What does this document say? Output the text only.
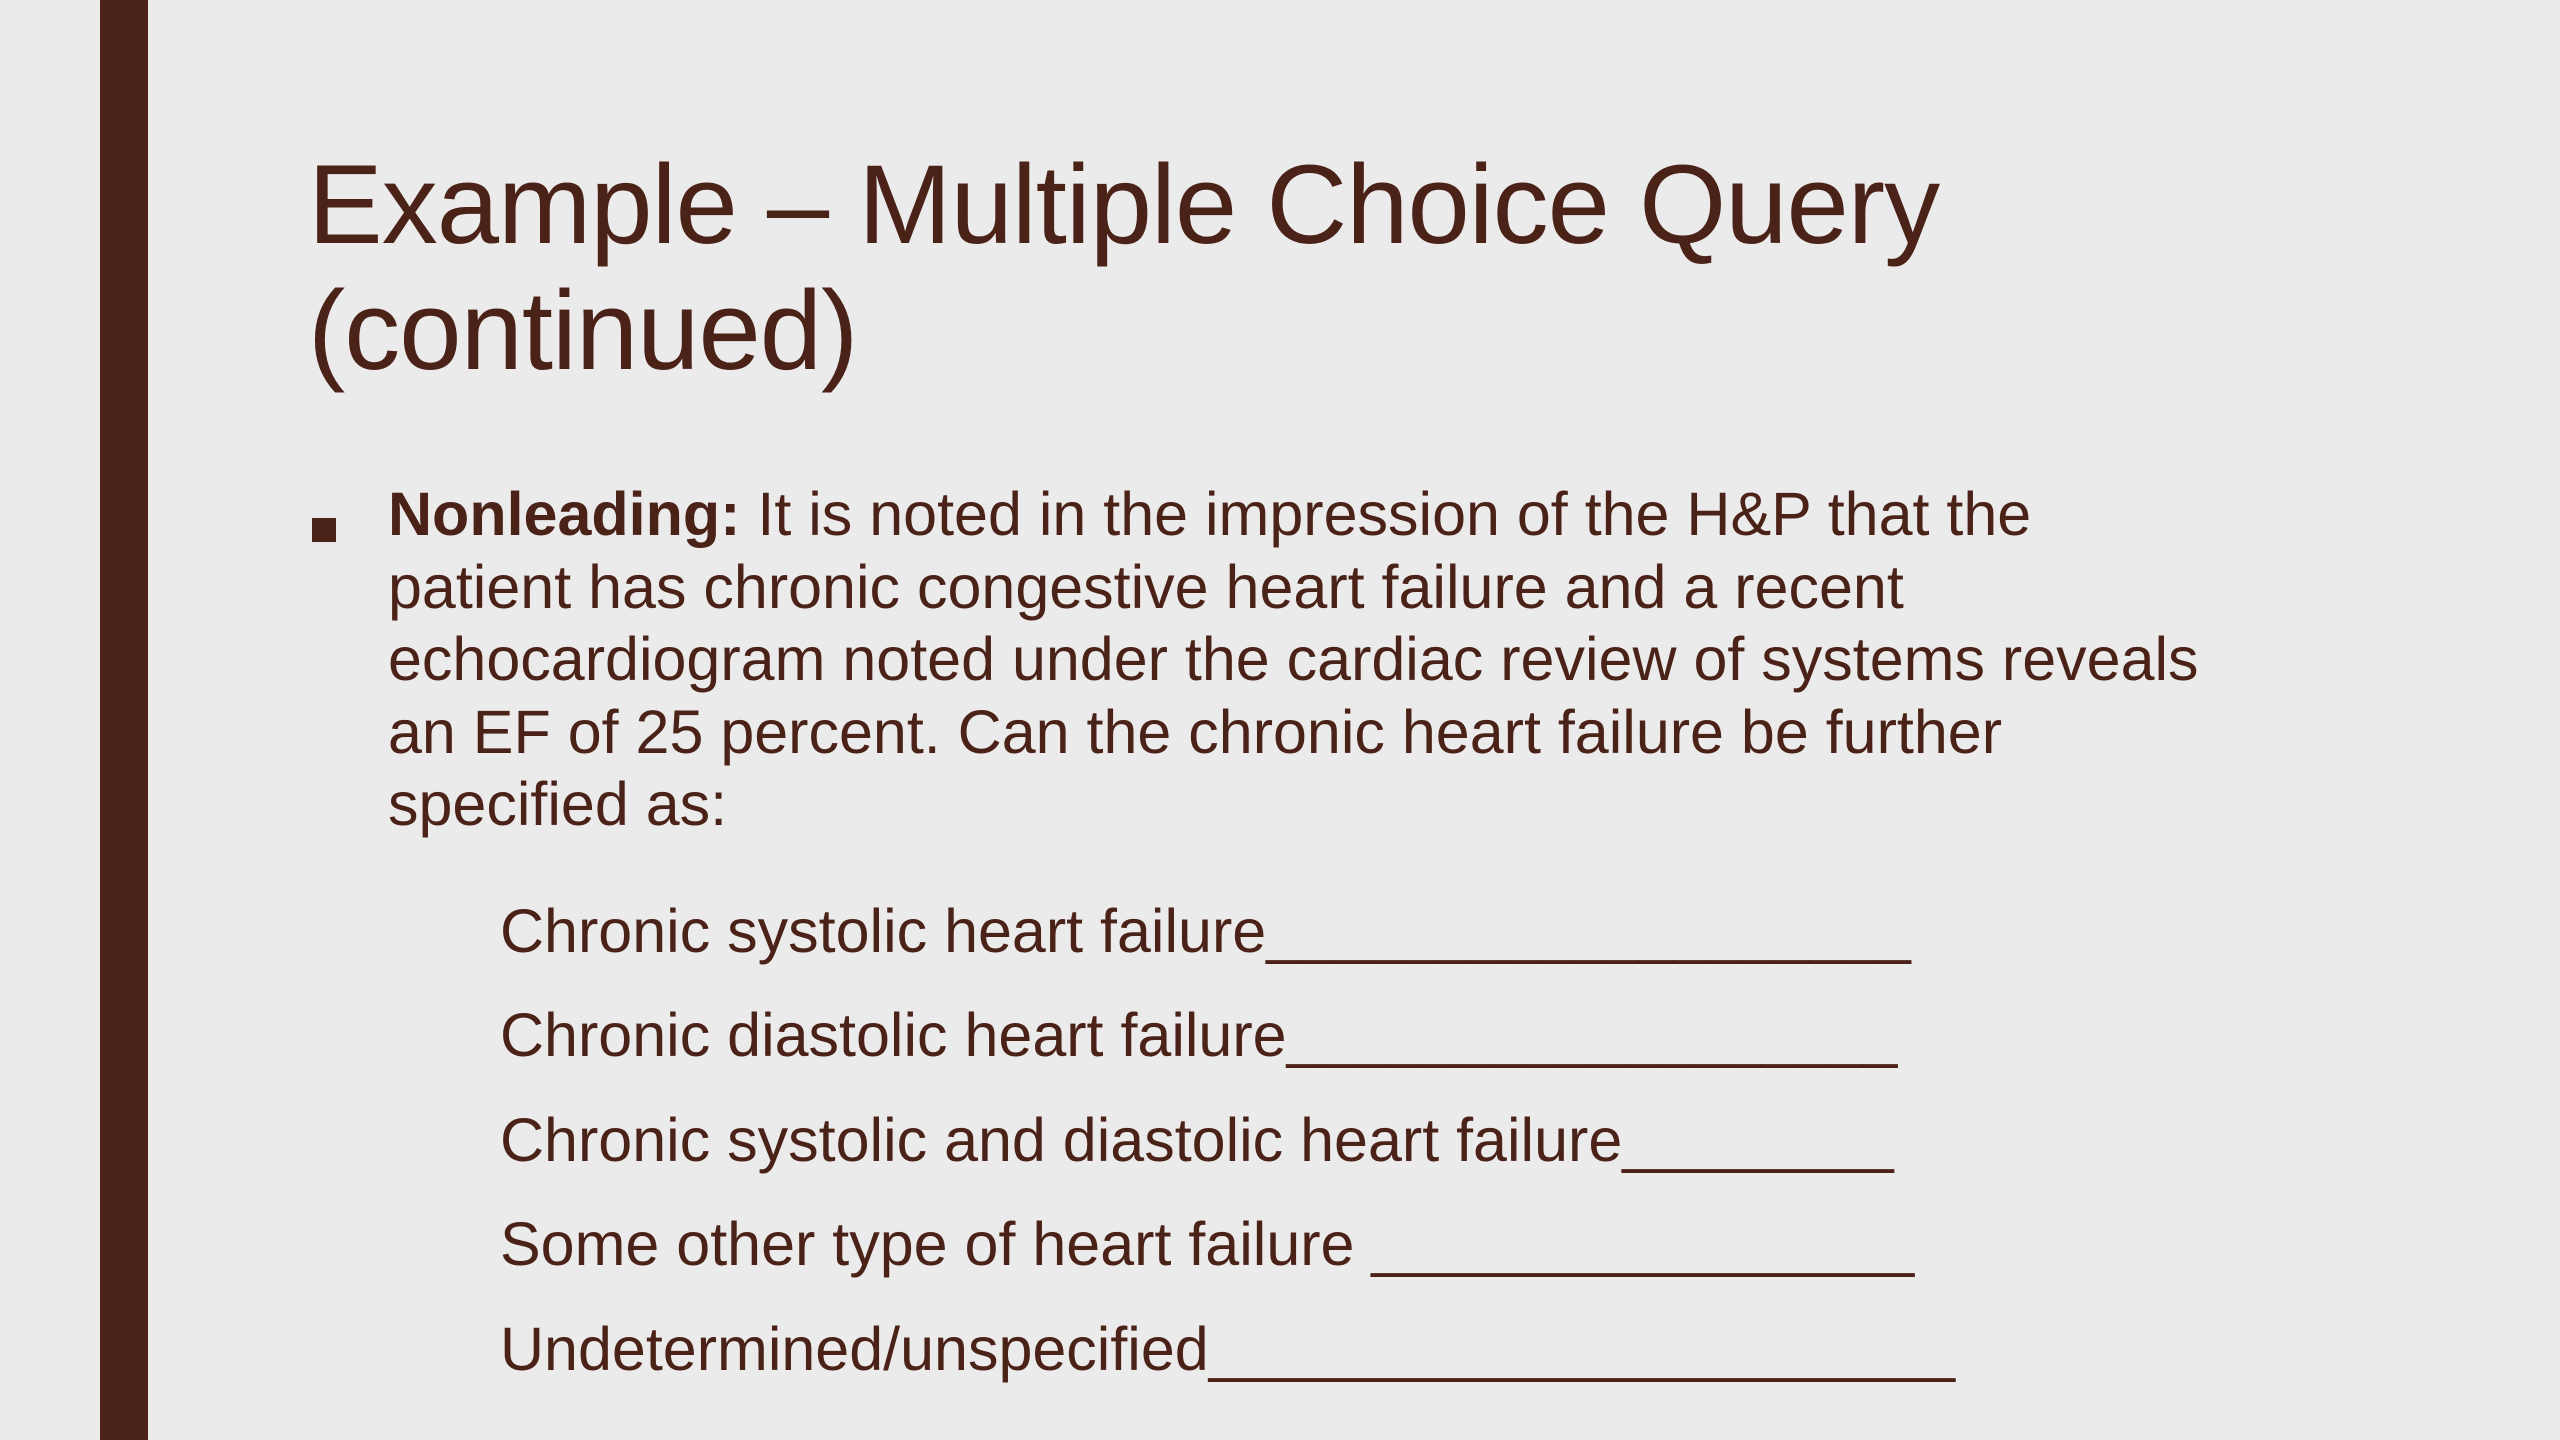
Example – Multiple Choice Query
(continued)
Nonleading: It is noted in the impression of the H&P that the patient has chronic congestive heart failure and a recent echocardiogram noted under the cardiac review of systems reveals an EF of 25 percent. Can the chronic heart failure be further specified as:
Chronic systolic heart failure___________________
Chronic diastolic heart failure__________________
Chronic systolic and diastolic heart failure________
Some other type of heart failure ________________
Undetermined/unspecified______________________
